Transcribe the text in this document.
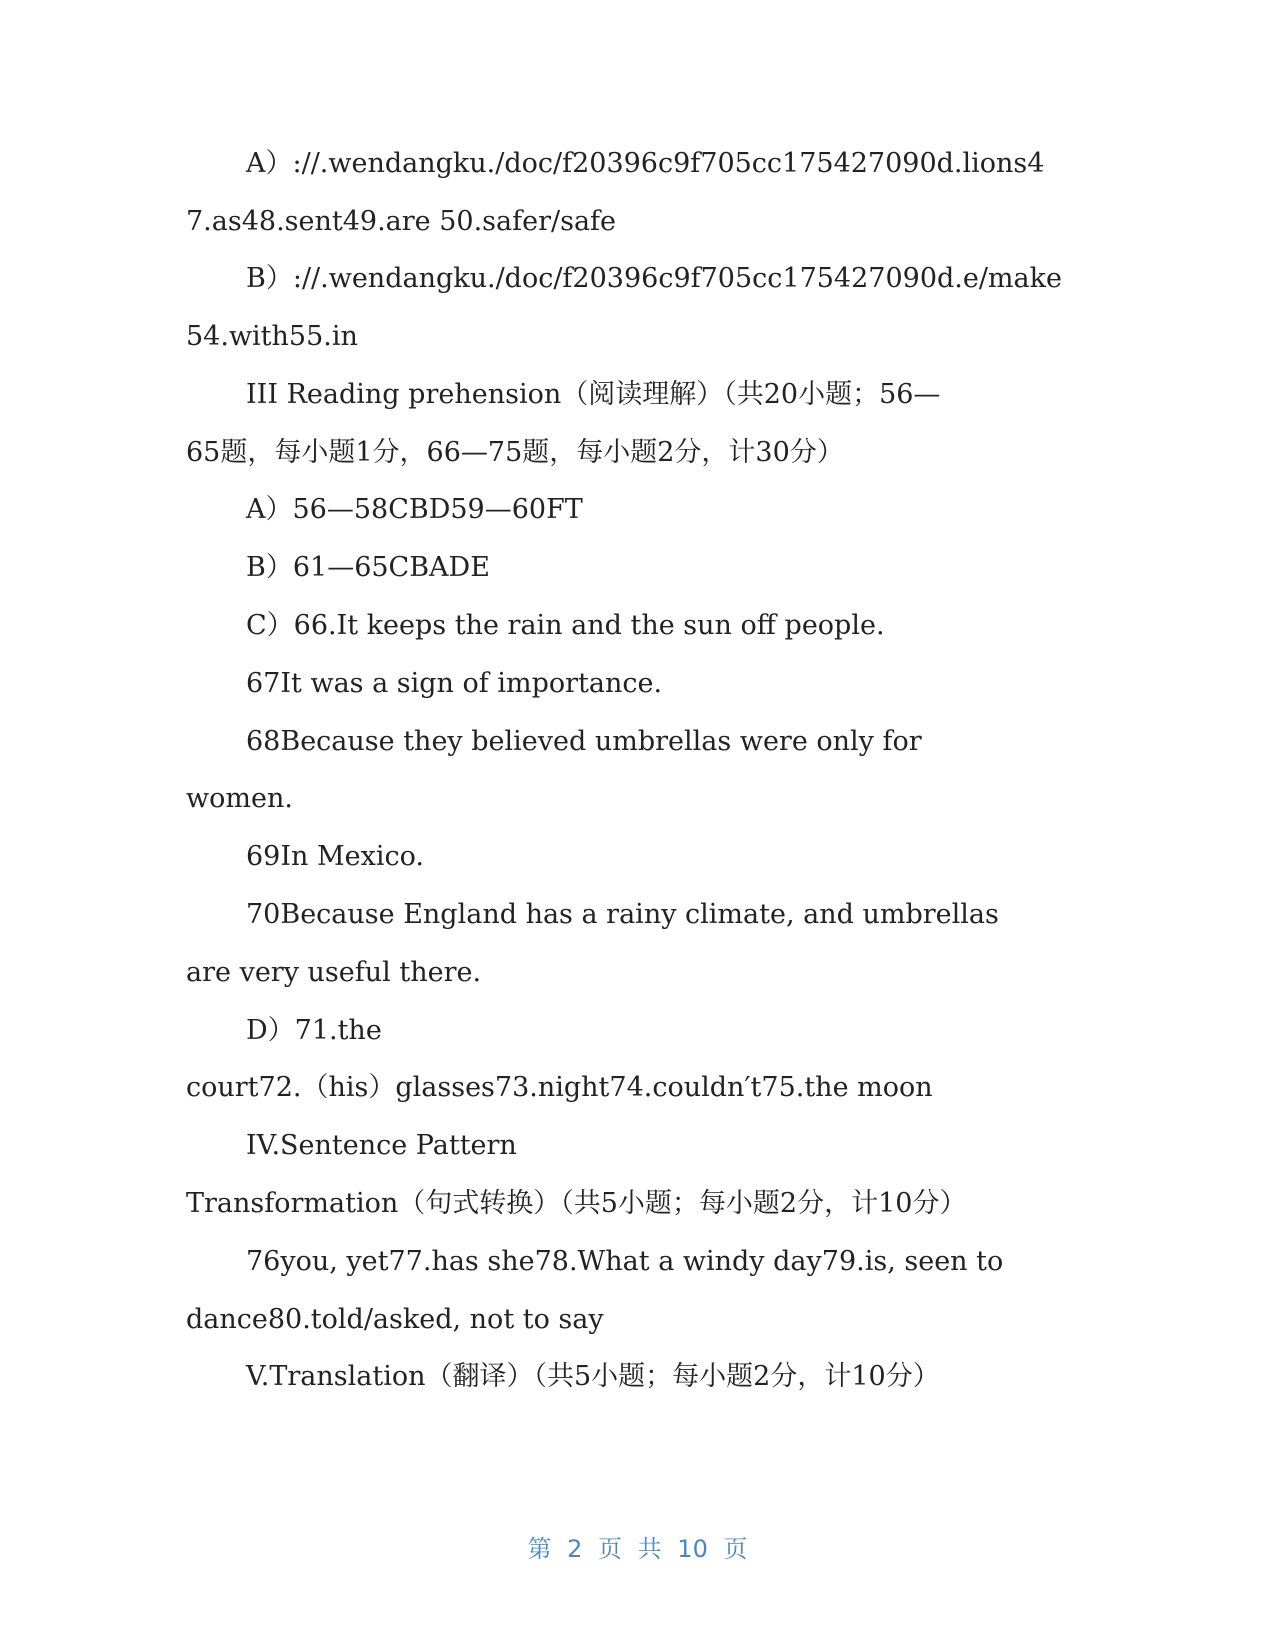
A）://.wendangku./doc/f20396c9f705cc175427090d.lions4
7.as48.sent49.are 50.safer/safe
B）://.wendangku./doc/f20396c9f705cc175427090d.e/make
54.with55.in
III Reading prehension（阅读理解）（共20小题；56—
65题，每小题1分，66—75题，每小题2分，计30分）
A）56—58CBD59—60FT
B）61—65CBADE
C）66.It keeps the rain and the sun off people.
67It was a sign of importance.
68Because they believed umbrellas were only for
women.
69In Mexico.
70Because England has a rainy climate, and umbrellas
are very useful there.
D）71.the
court72.（his）glasses73.night74.couldn′t75.the moon
IV.Sentence Pattern
Transformation（句式转换）（共5小题；每小题2分，计10分）
76you, yet77.has she78.What a windy day79.is, seen to
dance80.told/asked, not to say
V.Translation（翻译）（共5小题；每小题2分，计10分）
第 2 页 共 10 页
